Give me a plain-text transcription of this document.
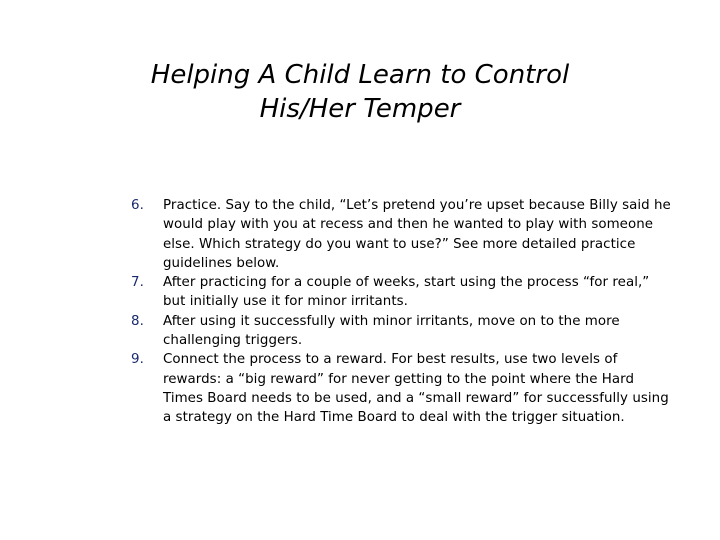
Helping A Child Learn to Control
His/Her Temper
6. Practice. Say to the child, “Let’s pretend you’re upset because Billy said he would play with you at recess and then he wanted to play with someone else. Which strategy do you want to use?” See more detailed practice guidelines below.
7. After practicing for a couple of weeks, start using the process “for real,” but initially use it for minor irritants.
8. After using it successfully with minor irritants, move on to the more challenging triggers.
9. Connect the process to a reward. For best results, use two levels of rewards: a “big reward” for never getting to the point where the Hard Times Board needs to be used, and a “small reward” for successfully using a strategy on the Hard Time Board to deal with the trigger situation.
